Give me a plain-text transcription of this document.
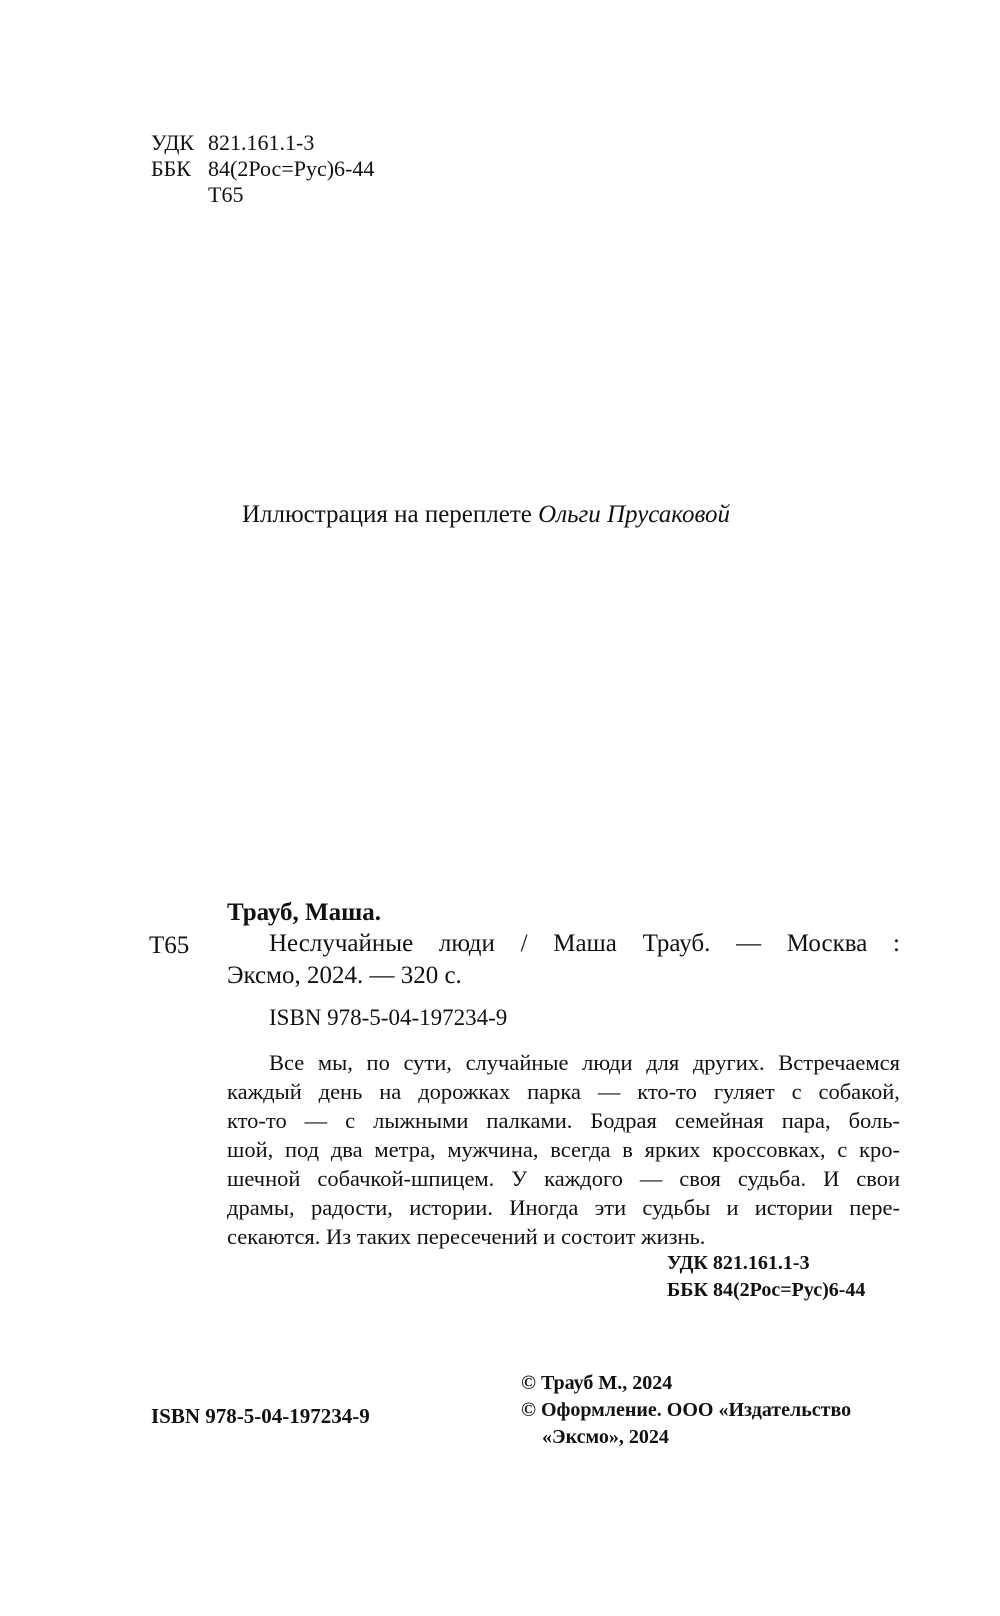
УДК 821.161.1-3
ББК 84(2Рос=Рус)6-44
Т65
Иллюстрация на переплете Ольги Прусаковой
Трауб, Маша.
Т65	Неслучайные люди / Маша Трауб. — Москва :
Эксмо, 2024. — 320 с.
ISBN 978-5-04-197234-9
Все мы, по сути, случайные люди для других. Встречаемся
каждый день на дорожках парка — кто-то гуляет с собакой,
кто-то — с лыжными палками. Бодрая семейная пара, боль-
шой, под два метра, мужчина, всегда в ярких кроссовках, с кро-
шечной собачкой-шпицем. У каждого — своя судьба. И свои
драмы, радости, истории. Иногда эти судьбы и истории пере-
секаются. Из таких пересечений и состоит жизнь.
УДК 821.161.1-3
ББК 84(2Рос=Рус)6-44
© Трауб М., 2024
© Оформление. ООО «Издательство
«Эксмо», 2024
ISBN 978-5-04-197234-9
